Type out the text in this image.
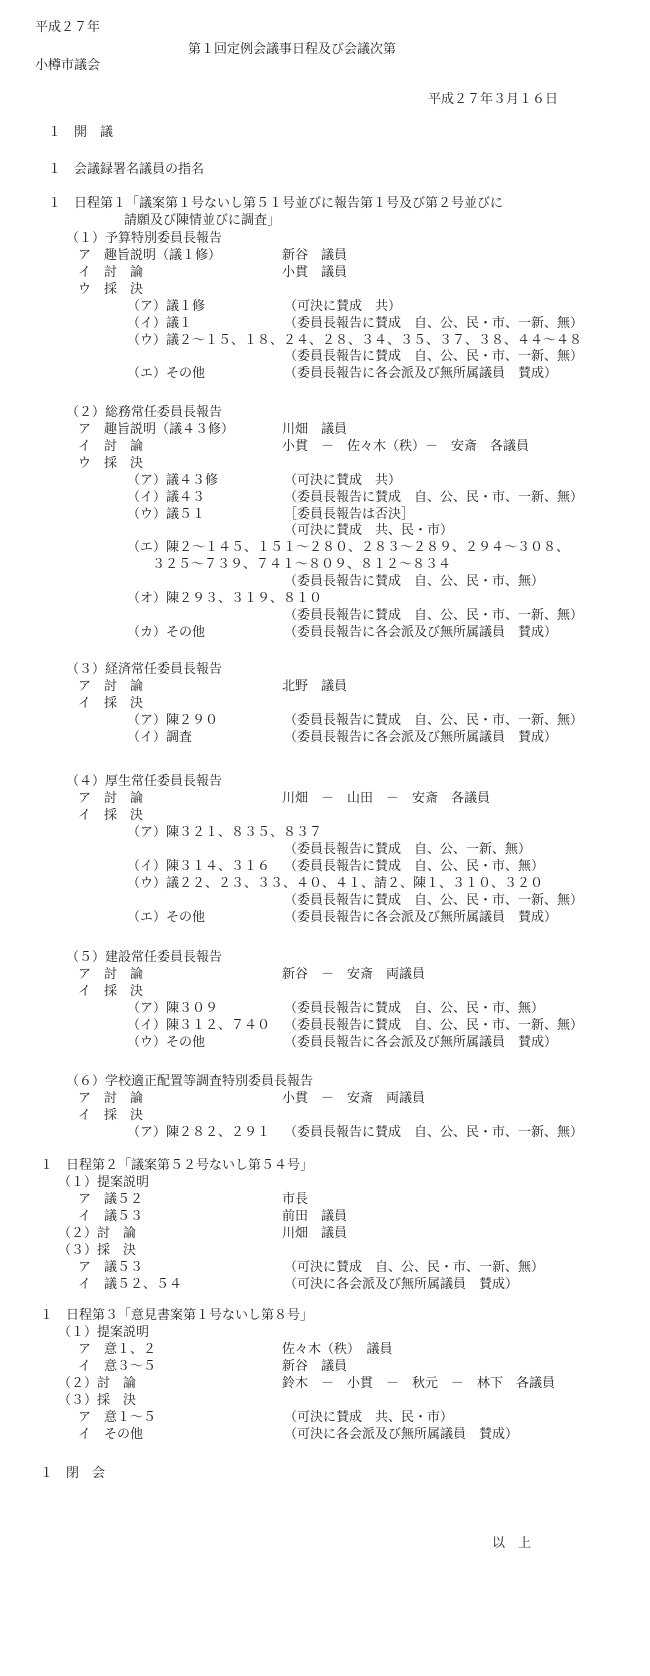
平成２７年
小樽市議会
第１回定例会議事日程及び会議次第
平成２７年３月１６日
１　開　議
１　会議録署名議員の指名
１　日程第１「議案第１号ないし第５１号並びに報告第１号及び第２号並びに
請願及び陳情並びに調査」
（１）予算特別委員長報告
ア　趣旨説明（議１修）	新谷　議員
イ　討　論	小貫　議員
ウ　採　決
（ア）議１修	（可決に賛成　共）
（イ）議１	（委員長報告に賛成　自、公、民・市、一新、無）
（ウ）議２～１５、１８、２４、２８、３４、３５、３７、３８、４４～４８
（委員長報告に賛成　自、公、民・市、一新、無）
（エ）その他	（委員長報告に各会派及び無所属議員　賛成）
（２）総務常任委員長報告
ア　趣旨説明（議４３修）	川畑　議員
イ　討　論	小貫　－　佐々木（秩）－　安斎　各議員
ウ　採　決
（ア）議４３修	（可決に賛成　共）
（イ）議４３	（委員長報告に賛成　自、公、民・市、一新、無）
（ウ）議５１	［委員長報告は否決］
（可決に賛成　共、民・市）
（エ）陳２～１４５、１５１～２８０、２８３～２８９、２９４～３０８、
３２５～７３９、７４１～８０９、８１２～８３４
（委員長報告に賛成　自、公、民・市、無）
（オ）陳２９３、３１９、８１０
（委員長報告に賛成　自、公、民・市、一新、無）
（カ）その他	（委員長報告に各会派及び無所属議員　賛成）
（３）経済常任委員長報告
ア　討　論	北野　議員
イ　採　決
（ア）陳２９０	（委員長報告に賛成　自、公、民・市、一新、無）
（イ）調査	（委員長報告に各会派及び無所属議員　賛成）
（４）厚生常任委員長報告
ア　討　論	川畑　－　山田　－　安斎　各議員
イ　採　決
（ア）陳３２１、８３５、８３７
（委員長報告に賛成　自、公、一新、無）
（イ）陳３１４、３１６ （委員長報告に賛成　自、公、民・市、無）
（ウ）議２２、２３、３３、４０、４１、請２、陳１、３１０、３２０
（委員長報告に賛成　自、公、民・市、一新、無）
（エ）その他	（委員長報告に各会派及び無所属議員　賛成）
（５）建設常任委員長報告
ア　討　論	新谷　－　安斎　両議員
イ　採　決
（ア）陳３０９	（委員長報告に賛成　自、公、民・市、無）
（イ）陳３１２、７４０ （委員長報告に賛成　自、公、民・市、一新、無）
（ウ）その他	（委員長報告に各会派及び無所属議員　賛成）
（６）学校適正配置等調査特別委員長報告
ア　討　論	小貫　－　安斎　両議員
イ　採　決
（ア）陳２８２、２９１ （委員長報告に賛成　自、公、民・市、一新、無）
１　日程第２「議案第５２号ないし第５４号」
（１）提案説明
ア　議５２	市長
イ　議５３	前田　議員
（２）討　論	川畑　議員
（３）採　決
ア　議５３	（可決に賛成　自、公、民・市、一新、無）
イ　議５２、５４	（可決に各会派及び無所属議員　賛成）
１　日程第３「意見書案第１号ないし第８号」
（１）提案説明
ア　意１、２	佐々木（秩）　議員
イ　意３～５	新谷　議員
（２）討　論	鈴木　－　小貫　－　秋元　－　林下　各議員
（３）採　決
ア　意１～５	（可決に賛成　共、民・市）
イ　その他	（可決に各会派及び無所属議員　賛成）
１　閉　会
以　上
